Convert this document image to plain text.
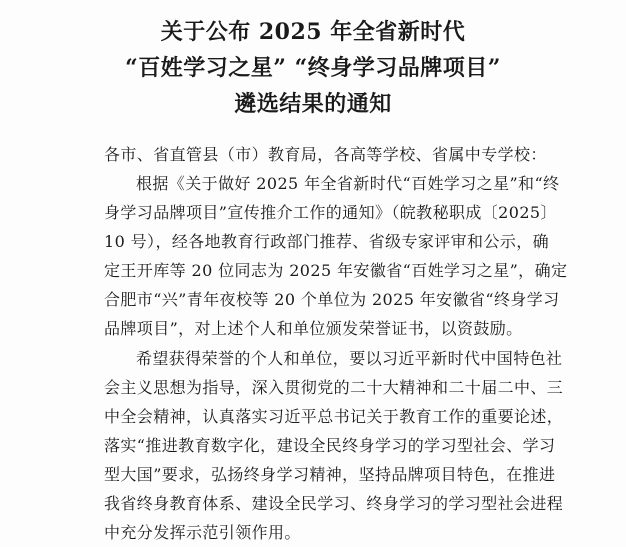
关于公布 2025 年全省新时代
“百姓学习之星” “终身学习品牌项目”
遴选结果的通知
各市、省直管县（市）教育局，各高等学校、省属中专学校：
根据《关于做好 2025 年全省新时代“百姓学习之星”和“终
身学习品牌项目”宣传推介工作的通知》（皖教秘职成〔2025〕
10 号），经各地教育行政部门推荐、省级专家评审和公示，确
定王开库等 20 位同志为 2025 年安徽省“百姓学习之星”，确定
合肥市“兴”青年夜校等 20 个单位为 2025 年安徽省“终身学习
品牌项目”，对上述个人和单位颁发荣誉证书，以资鼓励。
希望获得荣誉的个人和单位，要以习近平新时代中国特色社
会主义思想为指导，深入贯彻党的二十大精神和二十届二中、三
中全会精神，认真落实习近平总书记关于教育工作的重要论述，
落实“推进教育数字化，建设全民终身学习的学习型社会、学习
型大国”要求，弘扬终身学习精神，坚持品牌项目特色，在推进
我省终身教育体系、建设全民学习、终身学习的学习型社会进程
中充分发挥示范引领作用。
